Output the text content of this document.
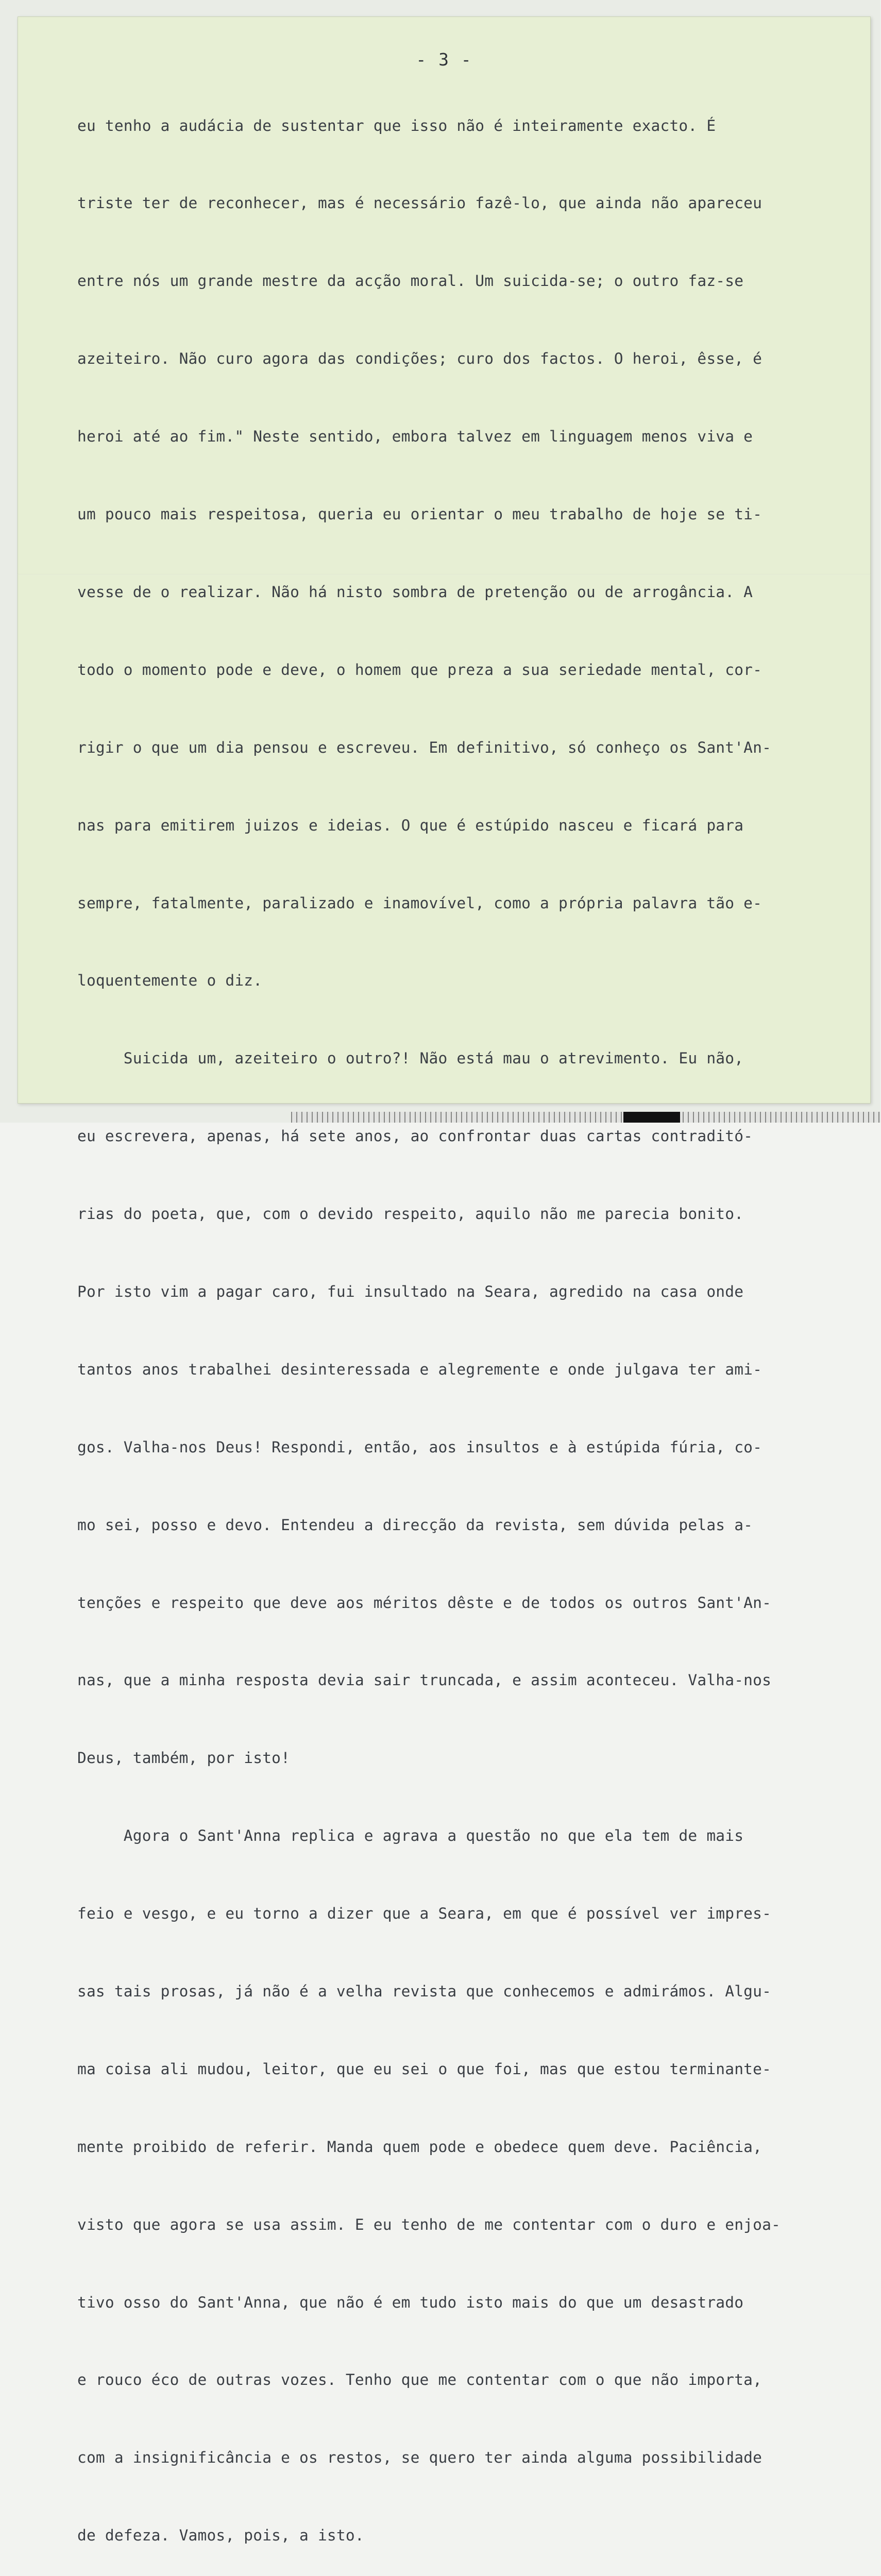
- 3 -

eu tenho a audácia de sustentar que isso não é inteiramente exacto. É

triste ter de reconhecer, mas é necessário fazê-lo, que ainda não apareceu

entre nós um grande mestre da acção moral. Um suicida-se; o outro faz-se

azeiteiro. Não curo agora das condições; curo dos factos. O heroi, êsse, é

heroi até ao fim." Neste sentido, embora talvez em linguagem menos viva e

um pouco mais respeitosa, queria eu orientar o meu trabalho de hoje se ti-

vesse de o realizar. Não há nisto sombra de pretenção ou de arrogância. A

todo o momento pode e deve, o homem que preza a sua seriedade mental, cor-

rigir o que um dia pensou e escreveu. Em definitivo, só conheço os Sant'An-

nas para emitirem juizos e ideias. O que é estúpido nasceu e ficará para

sempre, fatalmente, paralizado e inamovível, como a própria palavra tão e-

loquentemente o diz.

Suicida um, azeiteiro o outro?! Não está mau o atrevimento. Eu não,

eu escrevera, apenas, há sete anos, ao confrontar duas cartas contraditó-

rias do poeta, que, com o devido respeito, aquilo não me parecia bonito.

Por isto vim a pagar caro, fui insultado na Seara, agredido na casa onde

tantos anos trabalhei desinteressada e alegremente e onde julgava ter ami-

gos. Valha-nos Deus! Respondi, então, aos insultos e à estúpida fúria, co-

mo sei, posso e devo. Entendeu a direcção da revista, sem dúvida pelas a-

tenções e respeito que deve aos méritos dêste e de todos os outros Sant'An-

nas, que a minha resposta devia sair truncada, e assim aconteceu. Valha-nos

Deus, também, por isto!

Agora o Sant'Anna replica e agrava a questão no que ela tem de mais

feio e vesgo, e eu torno a dizer que a Seara, em que é possível ver impres-

sas tais prosas, já não é a velha revista que conhecemos e admirámos. Algu-

ma coisa ali mudou, leitor, que eu sei o que foi, mas que estou terminante-

mente proibido de referir. Manda quem pode e obedece quem deve. Paciência,

visto que agora se usa assim. E eu tenho de me contentar com o duro e enjoa-

tivo osso do Sant'Anna, que não é em tudo isto mais do que um desastrado

e rouco éco de outras vozes. Tenho que me contentar com o que não importa,

com a insignificância e os restos, se quero ter ainda alguma possibilidade

de defeza. Vamos, pois, a isto.
